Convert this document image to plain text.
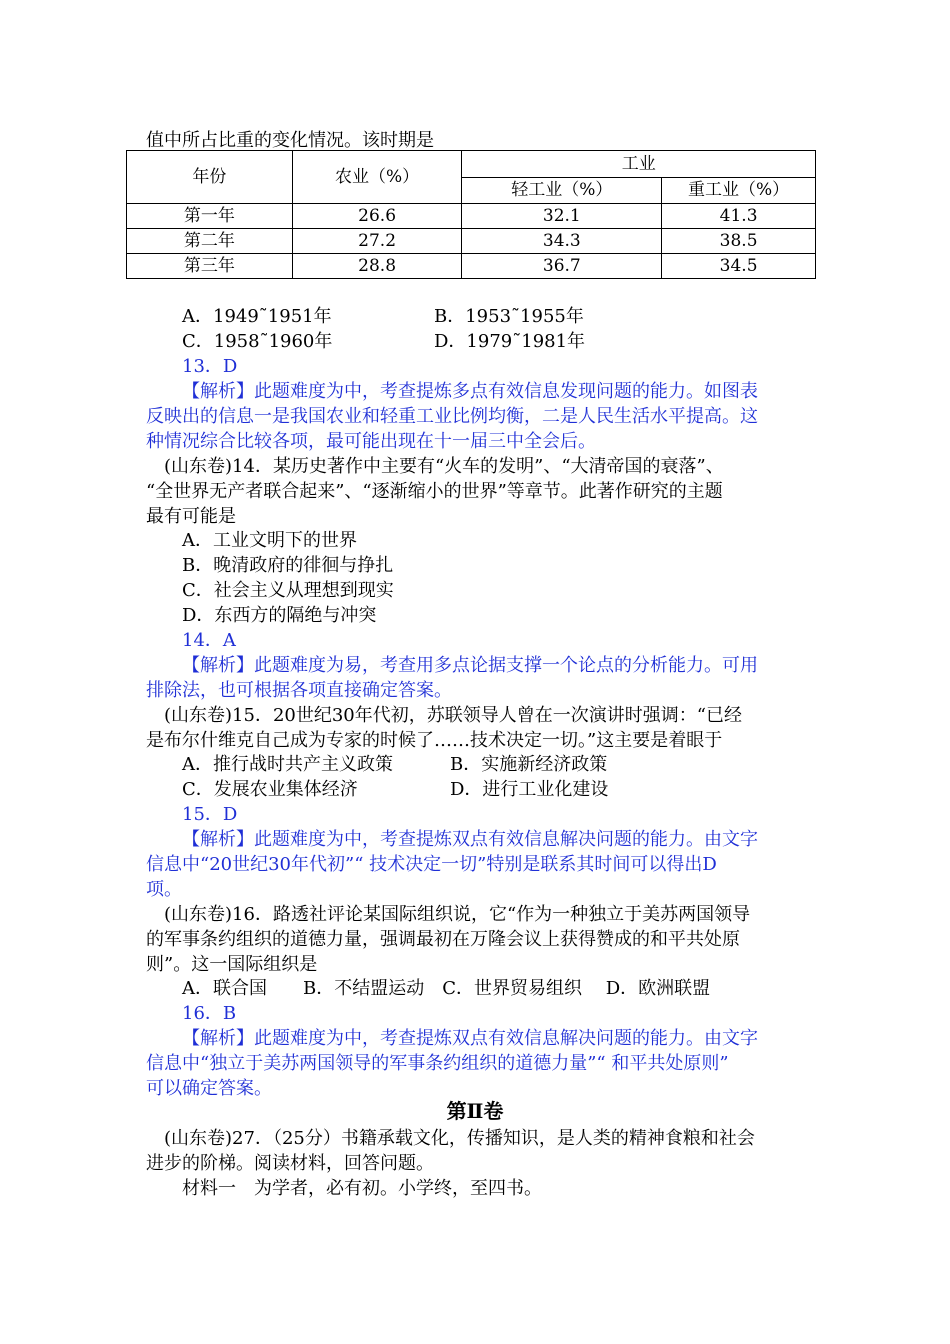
值中所占比重的变化情况。该时期是
年份	农业（%）	工业	
		轻工业（%）	重工业（%）
第一年	26.6	32.1	41.3
第二年	27.2	34.3	38.5
第三年	28.8	36.7	34.5
A．1949˜1951年	B．1953˜1955年
C．1958˜1960年	D．1979˜1981年
13．D
【解析】此题难度为中，考查提炼多点有效信息发现问题的能力。如图表
反映出的信息一是我国农业和轻重工业比例均衡，二是人民生活水平提高。这
种情况综合比较各项，最可能出现在十一届三中全会后。
(山东卷)14．某历史著作中主要有“火车的发明”、“大清帝国的衰落”、
“全世界无产者联合起来”、“逐渐缩小的世界”等章节。此著作研究的主题
最有可能是
A．工业文明下的世界
B．晚清政府的徘徊与挣扎
C．社会主义从理想到现实
D．东西方的隔绝与冲突
14．A
【解析】此题难度为易，考查用多点论据支撑一个论点的分析能力。可用
排除法，也可根据各项直接确定答案。
(山东卷)15．20世纪30年代初，苏联领导人曾在一次演讲时强调：“已经
是布尔什维克自己成为专家的时候了……技术决定一切。”这主要是着眼于
A．推行战时共产主义政策	B．实施新经济政策
C．发展农业集体经济	D．进行工业化建设
15．D
【解析】此题难度为中，考查提炼双点有效信息解决问题的能力。由文字
信息中“20世纪30年代初”“ 技术决定一切”特别是联系其时间可以得出D
项。
(山东卷)16．路透社评论某国际组织说，它“作为一种独立于美苏两国领导
的军事条约组织的道德力量，强调最初在万隆会议上获得赞成的和平共处原
则”。这一国际组织是
A．联合国　　B．不结盟运动　C．世界贸易组织　 D．欧洲联盟
16．B
【解析】此题难度为中，考查提炼双点有效信息解决问题的能力。由文字
信息中“独立于美苏两国领导的军事条约组织的道德力量”“ 和平共处原则”
可以确定答案。
第Ⅱ卷
(山东卷)27．（25分）书籍承载文化，传播知识，是人类的精神食粮和社会
进步的阶梯。阅读材料，回答问题。
材料一　为学者，必有初。小学终，至四书。
